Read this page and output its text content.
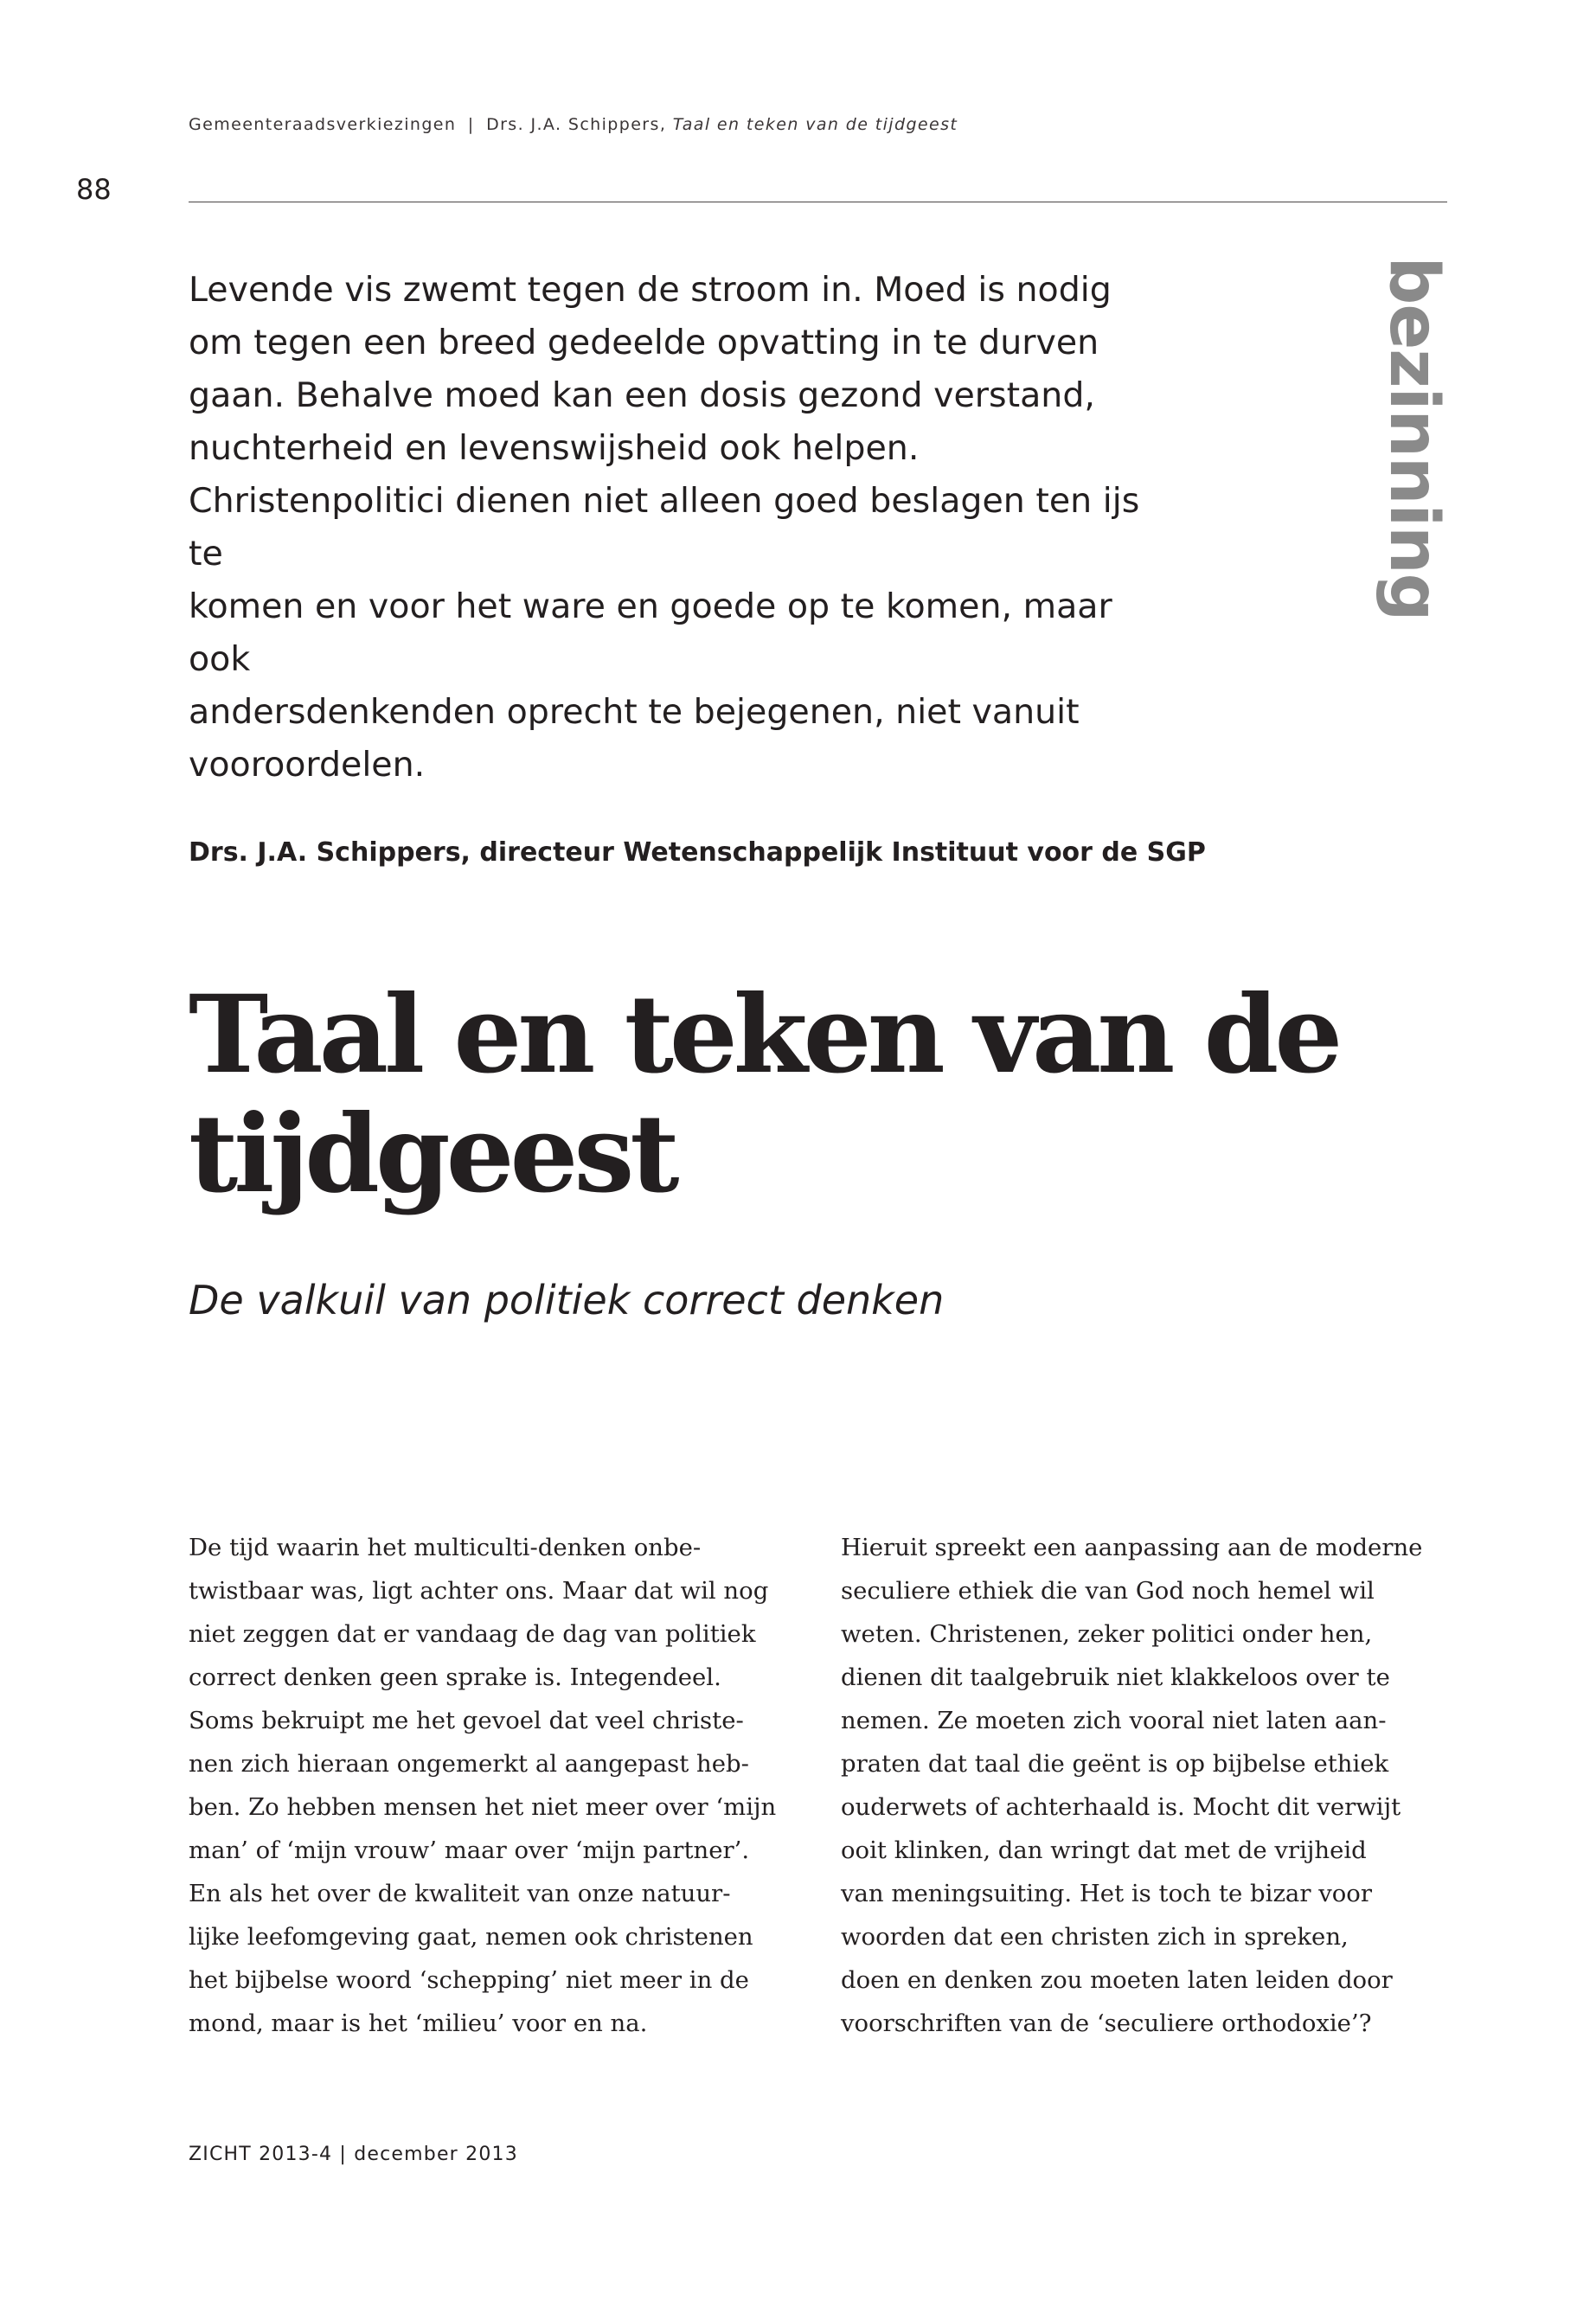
Gemeenteraadsverkiezingen | Drs. J.A. Schippers, Taal en teken van de tijdgeest
88

Levende vis zwemt tegen de stroom in. Moed is nodig
om tegen een breed gedeelde opvatting in te durven
gaan. Behalve moed kan een dosis gezond verstand,
nuchterheid en levenswijsheid ook helpen.
Christenpolitici dienen niet alleen goed beslagen ten ijs te
komen en voor het ware en goede op te komen, maar ook
andersdenkenden oprecht te bejegenen, niet vanuit
vooroordelen.

bezinning
Drs. J.A. Schippers, directeur Wetenschappelijk Instituut voor de SGP
Taal en teken van de tijdgeest
De valkuil van politiek correct denken

De tijd waarin het multiculti-denken onbe-
twistbaar was, ligt achter ons. Maar dat wil nog
niet zeggen dat er vandaag de dag van politiek
correct denken geen sprake is. Integendeel.
Soms bekruipt me het gevoel dat veel christe-
nen zich hieraan ongemerkt al aangepast heb-
ben. Zo hebben mensen het niet meer over ‘mijn
man’ of ‘mijn vrouw’ maar over ‘mijn partner’.
En als het over de kwaliteit van onze natuur-
lijke leefomgeving gaat, nemen ook christenen
het bijbelse woord ‘schepping’ niet meer in de
mond, maar is het ‘milieu’ voor en na.

Hieruit spreekt een aanpassing aan de moderne
seculiere ethiek die van God noch hemel wil
weten. Christenen, zeker politici onder hen,
dienen dit taalgebruik niet klakkeloos over te
nemen. Ze moeten zich vooral niet laten aan-
praten dat taal die geënt is op bijbelse ethiek
ouderwets of achterhaald is. Mocht dit verwijt
ooit klinken, dan wringt dat met de vrijheid
van meningsuiting. Het is toch te bizar voor
woorden dat een christen zich in spreken,
doen en denken zou moeten laten leiden door
voorschriften van de ‘seculiere orthodoxie’?

ZICHT 2013-4 | december 2013
